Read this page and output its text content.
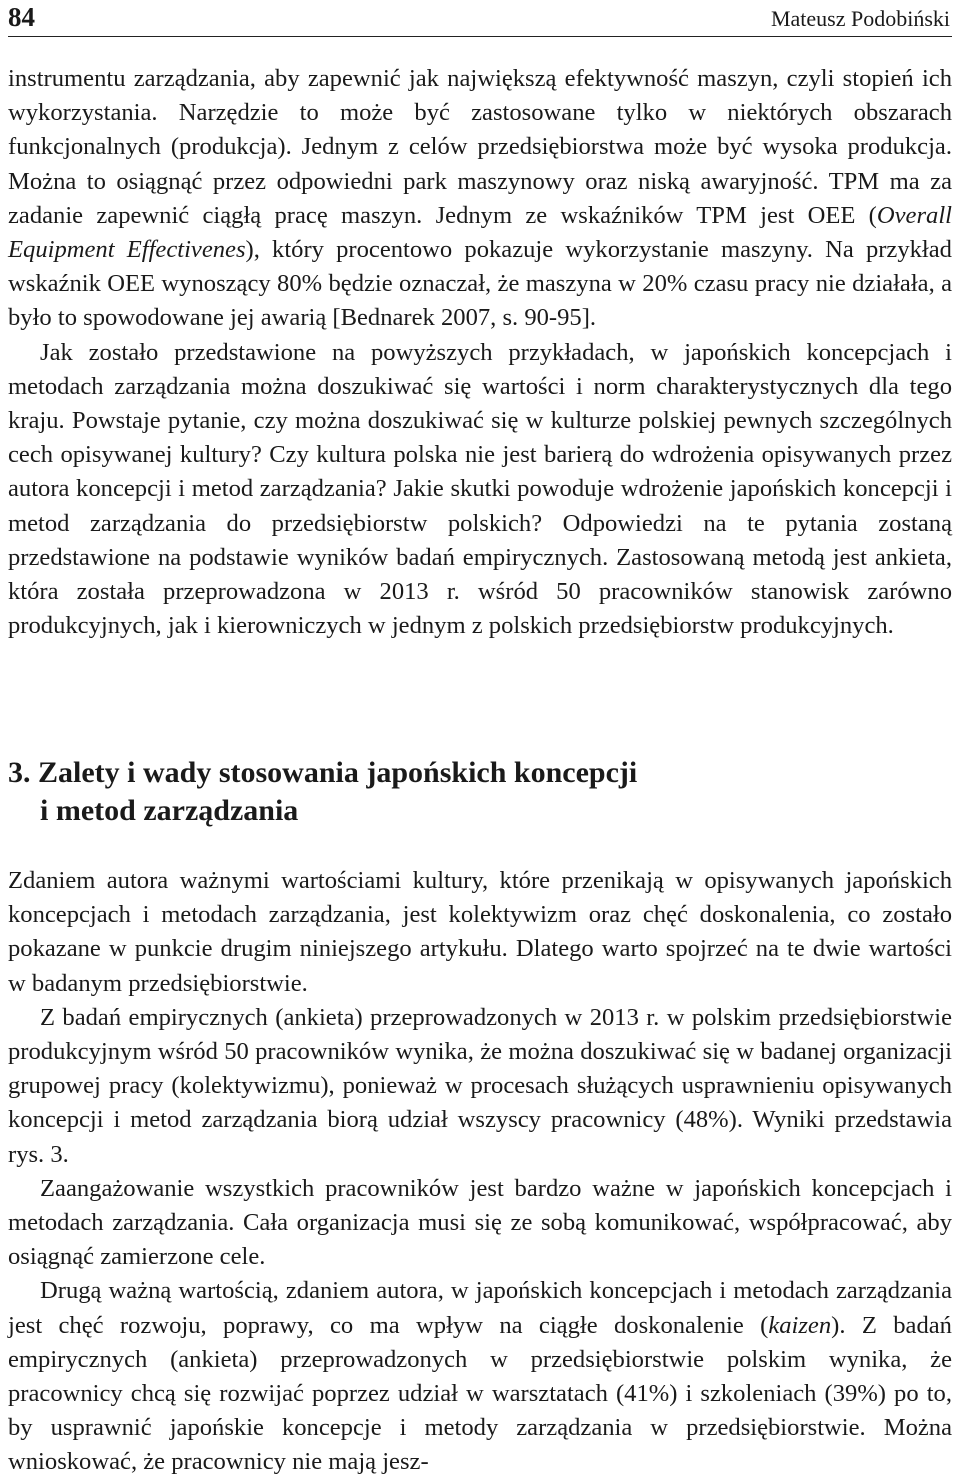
84	Mateusz Podobiński

instrumentu zarządzania, aby zapewnić jak największą efektywność maszyn, czyli stopień ich wykorzystania. Narzędzie to może być zastosowane tylko w niektórych obszarach funkcjonalnych (produkcja). Jednym z celów przedsiębiorstwa może być wysoka produkcja. Można to osiągnąć przez odpowiedni park maszynowy oraz niską awaryjność. TPM ma za zadanie zapewnić ciągłą pracę maszyn. Jednym ze wskaźników TPM jest OEE (Overall Equipment Effectivenes), który procentowo pokazuje wykorzystanie maszyny. Na przykład wskaźnik OEE wynoszący 80% będzie oznaczał, że maszyna w 20% czasu pracy nie działała, a było to spowodowane jej awarią [Bednarek 2007, s. 90-95].

Jak zostało przedstawione na powyższych przykładach, w japońskich koncepcjach i metodach zarządzania można doszukiwać się wartości i norm charakterystycznych dla tego kraju. Powstaje pytanie, czy można doszukiwać się w kulturze polskiej pewnych szczególnych cech opisywanej kultury? Czy kultura polska nie jest barierą do wdrożenia opisywanych przez autora koncepcji i metod zarządzania? Jakie skutki powoduje wdrożenie japońskich koncepcji i metod zarządzania do przedsiębiorstw polskich? Odpowiedzi na te pytania zostaną przedstawione na podstawie wyników badań empirycznych. Zastosowaną metodą jest ankieta, która została przeprowadzona w 2013 r. wśród 50 pracowników stanowisk zarówno produkcyjnych, jak i kierowniczych w jednym z polskich przedsiębiorstw produkcyjnych.

3. Zalety i wady stosowania japońskich koncepcji
i metod zarządzania

Zdaniem autora ważnymi wartościami kultury, które przenikają w opisywanych japońskich koncepcjach i metodach zarządzania, jest kolektywizm oraz chęć doskonalenia, co zostało pokazane w punkcie drugim niniejszego artykułu. Dlatego warto spojrzeć na te dwie wartości w badanym przedsiębiorstwie.

Z badań empirycznych (ankieta) przeprowadzonych w 2013 r. w polskim przedsiębiorstwie produkcyjnym wśród 50 pracowników wynika, że można doszukiwać się w badanej organizacji grupowej pracy (kolektywizmu), ponieważ w procesach służących usprawnieniu opisywanych koncepcji i metod zarządzania biorą udział wszyscy pracownicy (48%). Wyniki przedstawia rys. 3.

Zaangażowanie wszystkich pracowników jest bardzo ważne w japońskich koncepcjach i metodach zarządzania. Cała organizacja musi się ze sobą komunikować, współpracować, aby osiągnąć zamierzone cele.

Drugą ważną wartością, zdaniem autora, w japońskich koncepcjach i metodach zarządzania jest chęć rozwoju, poprawy, co ma wpływ na ciągłe doskonalenie (kaizen). Z badań empirycznych (ankieta) przeprowadzonych w przedsiębiorstwie polskim wynika, że pracownicy chcą się rozwijać poprzez udział w warsztatach (41%) i szkoleniach (39%) po to, by usprawnić japońskie koncepcje i metody zarządzania w przedsiębiorstwie. Można wnioskować, że pracownicy nie mają jesz-
